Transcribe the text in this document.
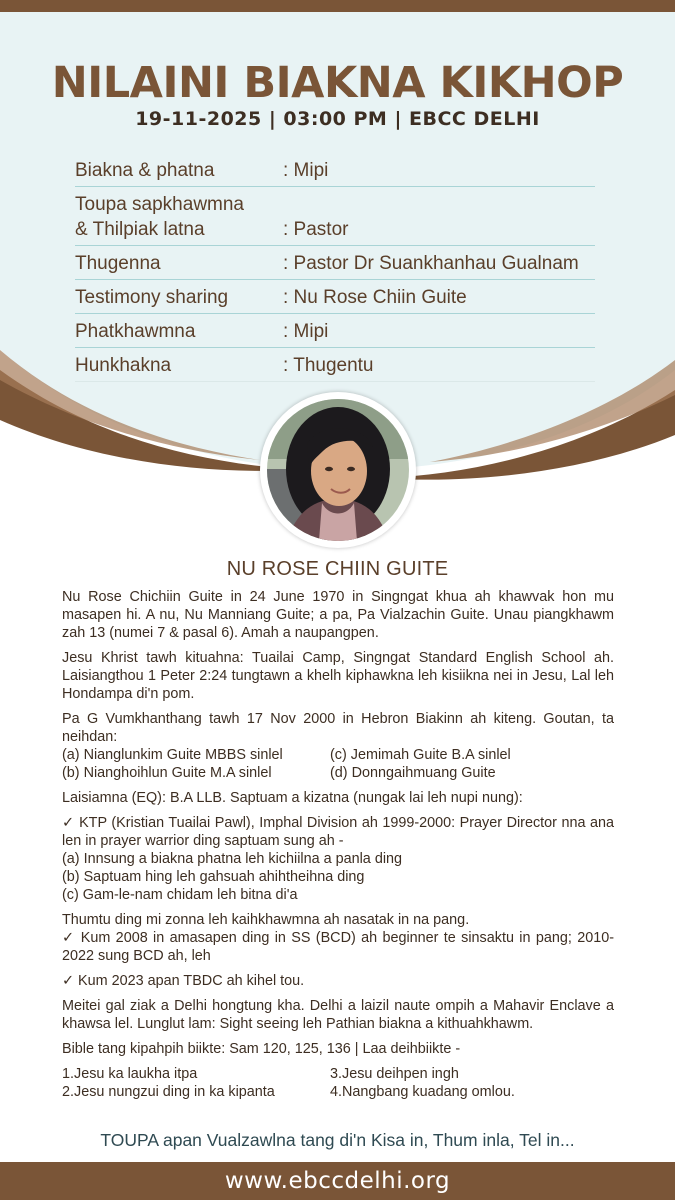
NILAINI BIAKNA KIKHOP
19-11-2025 | 03:00 PM | EBCC DELHI
Biakna & phatna	: Mipi
Toupa sapkhawmna
& Thilpiak latna	: Pastor
Thugenna	: Pastor Dr Suankhanhau Gualnam
Testimony sharing	: Nu Rose Chiin Guite
Phatkhawmna	: Mipi
Hunkhakna	: Thugentu
NU ROSE CHIIN GUITE

Nu Rose Chichiin Guite in 24 June 1970 in Singngat khua ah khawvak hon mu masapen hi. A nu, Nu Manniang Guite; a pa, Pa Vialzachin Guite. Unau piangkhawm zah 13 (numei 7 & pasal 6). Amah a naupangpen.

Jesu Khrist tawh kituahna: Tuailai Camp, Singngat Standard English School ah. Laisiangthou 1 Peter 2:24 tungtawn a khelh kiphawkna leh kisiikna nei in Jesu, Lal leh Hondampa di'n pom.

Pa G Vumkhanthang tawh 17 Nov 2000 in Hebron Biakinn ah kiteng. Goutan, ta neihdan:

(a) Nianglunkim Guite MBBS sinlel	(c) Jemimah Guite B.A sinlel
(b) Nianghoihlun Guite M.A sinlel	(d) Donngaihmuang Guite

Laisiamna (EQ): B.A LLB. Saptuam a kizatna (nungak lai leh nupi nung):

✓ KTP (Kristian Tuailai Pawl), Imphal Division ah 1999-2000: Prayer Director nna ana len in prayer warrior ding saptuam sung ah -

(a) Innsung a biakna phatna leh kichiilna a panla ding
(b) Saptuam hing leh gahsuah ahihtheihna ding
(c) Gam-le-nam chidam leh bitna di'a

Thumtu ding mi zonna leh kaihkhawmna ah nasatak in na pang.

✓ Kum 2008 in amasapen ding in SS (BCD) ah beginner te sinsaktu in pang; 2010-2022 sung BCD ah, leh

✓ Kum 2023 apan TBDC ah kihel tou.

Meitei gal ziak a Delhi hongtung kha. Delhi a laizil naute ompih a Mahavir Enclave a khawsa lel. Lunglut lam: Sight seeing leh Pathian biakna a kithuahkhawm.

Bible tang kipahpih biikte: Sam 120, 125, 136 | Laa deihbiikte -

1.Jesu ka laukha itpa	3.Jesu deihpen ingh
2.Jesu nungzui ding in ka kipanta	4.Nangbang kuadang omlou.
TOUPA apan Vualzawlna tang di'n Kisa in, Thum inla, Tel in...
www.ebccdelhi.org
